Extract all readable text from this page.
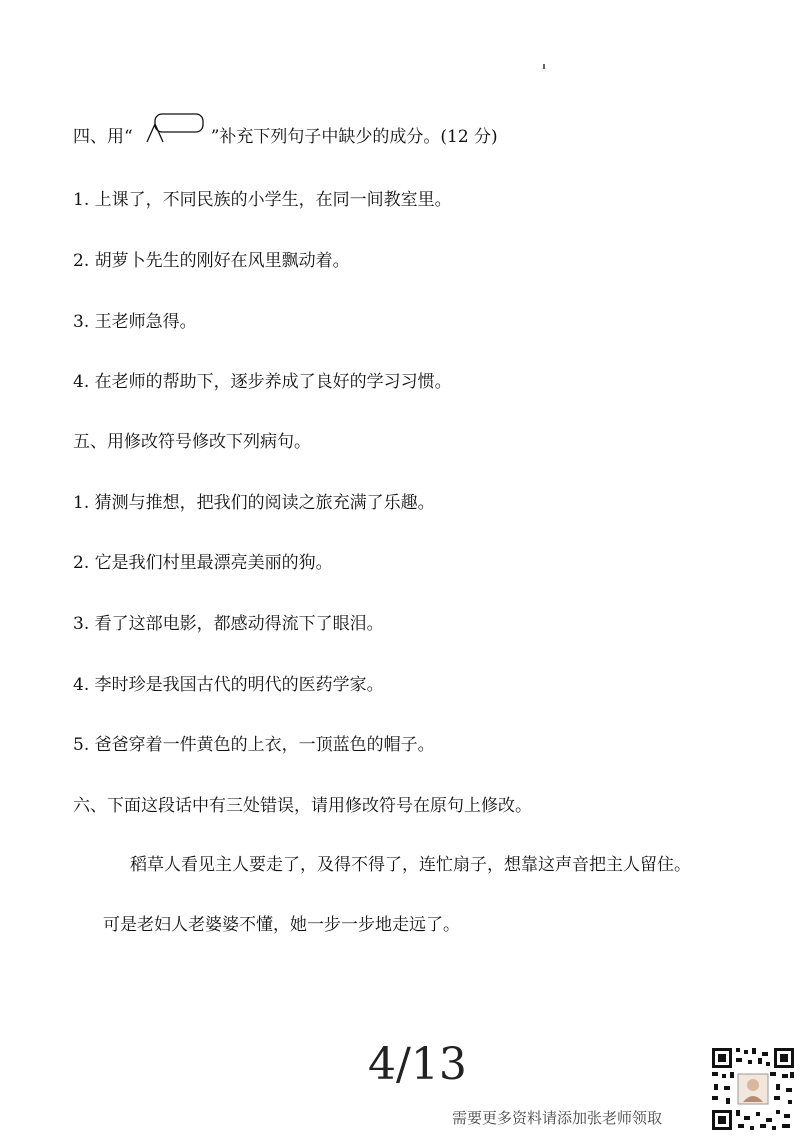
四、用“	”补充下列句子中缺少的成分。(12 分)
1. 上课了，不同民族的小学生，在同一间教室里。
2. 胡萝卜先生的刚好在风里飘动着。
3. 王老师急得。
4. 在老师的帮助下，逐步养成了良好的学习习惯。
五、用修改符号修改下列病句。
1. 猜测与推想，把我们的阅读之旅充满了乐趣。
2. 它是我们村里最漂亮美丽的狗。
3. 看了这部电影，都感动得流下了眼泪。
4. 李时珍是我国古代的明代的医药学家。
5. 爸爸穿着一件黄色的上衣，一顶蓝色的帽子。
六、下面这段话中有三处错误，请用修改符号在原句上修改。
稻草人看见主人要走了，及得不得了，连忙扇子，想靠这声音把主人留住。
可是老妇人老婆婆不懂，她一步一步地走远了。
4/13
需要更多资料请添加张老师领取
